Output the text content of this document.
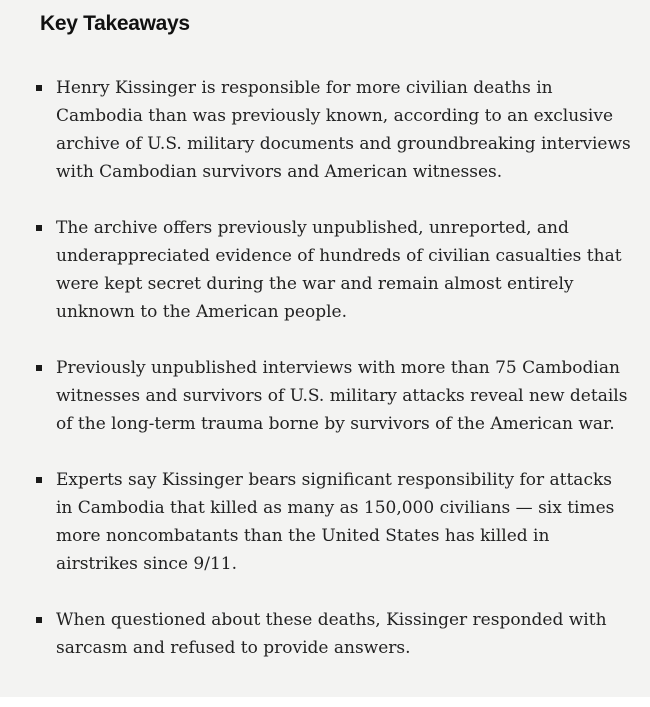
Key Takeaways
Henry Kissinger is responsible for more civilian deaths in Cambodia than was previously known, according to an exclusive archive of U.S. military documents and groundbreaking interviews with Cambodian survivors and American witnesses.
The archive offers previously unpublished, unreported, and underappreciated evidence of hundreds of civilian casualties that were kept secret during the war and remain almost entirely unknown to the American people.
Previously unpublished interviews with more than 75 Cambodian witnesses and survivors of U.S. military attacks reveal new details of the long-term trauma borne by survivors of the American war.
Experts say Kissinger bears significant responsibility for attacks in Cambodia that killed as many as 150,000 civilians — six times more noncombatants than the United States has killed in airstrikes since 9/11.
When questioned about these deaths, Kissinger responded with sarcasm and refused to provide answers.
